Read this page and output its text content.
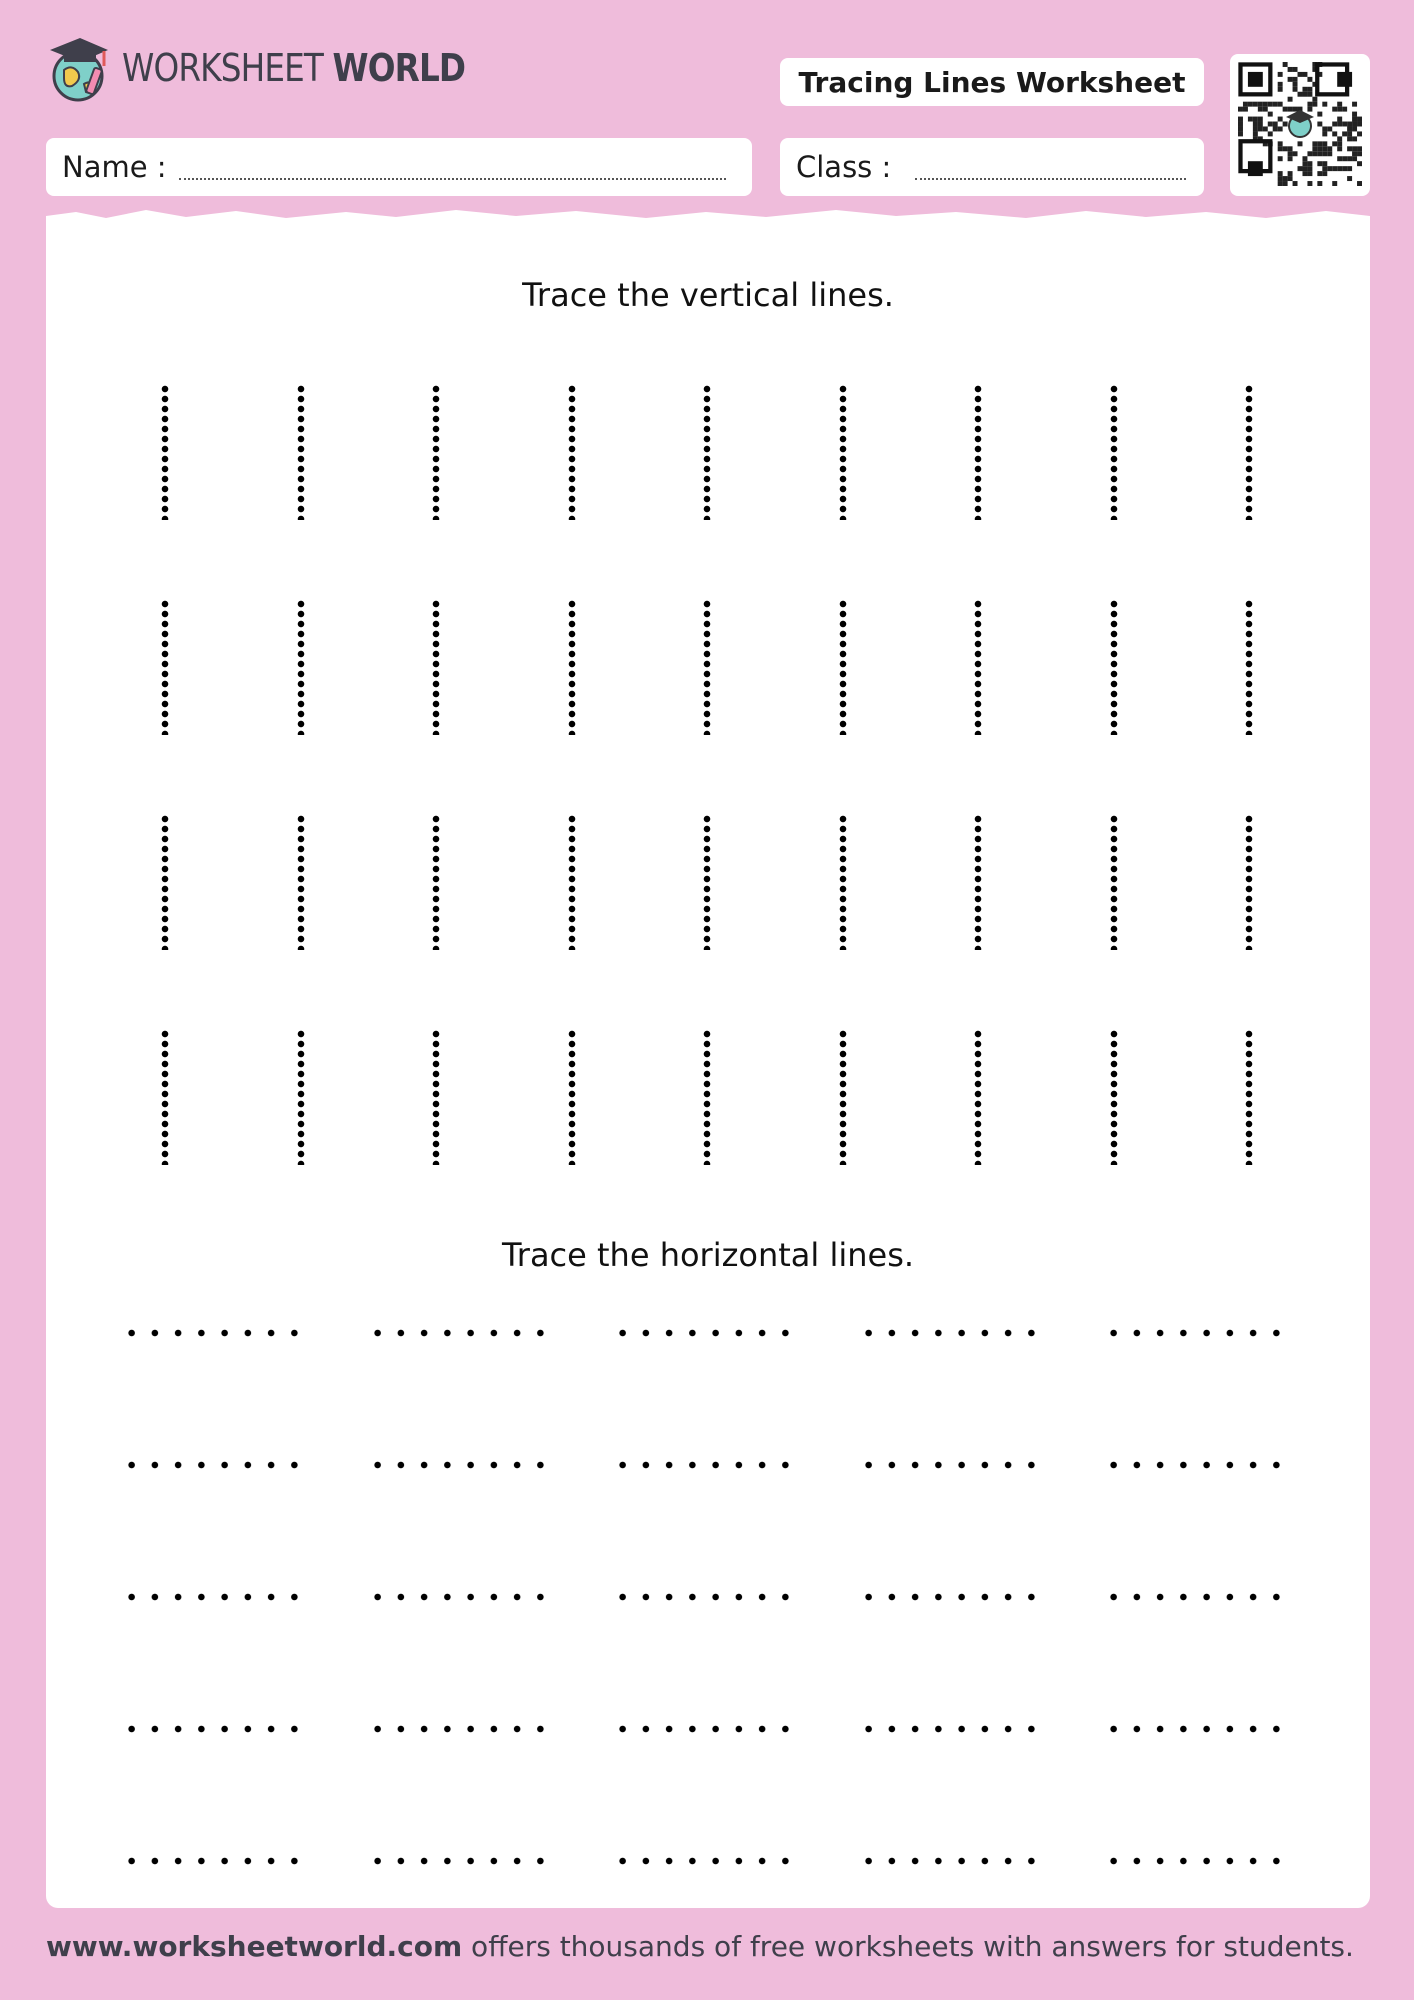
WORKSHEET WORLD	Tracing Lines Worksheet
Name :	Class :
Trace the vertical lines.
Trace the horizontal lines.
www.worksheetworld.com offers thousands of free worksheets with answers for students.
